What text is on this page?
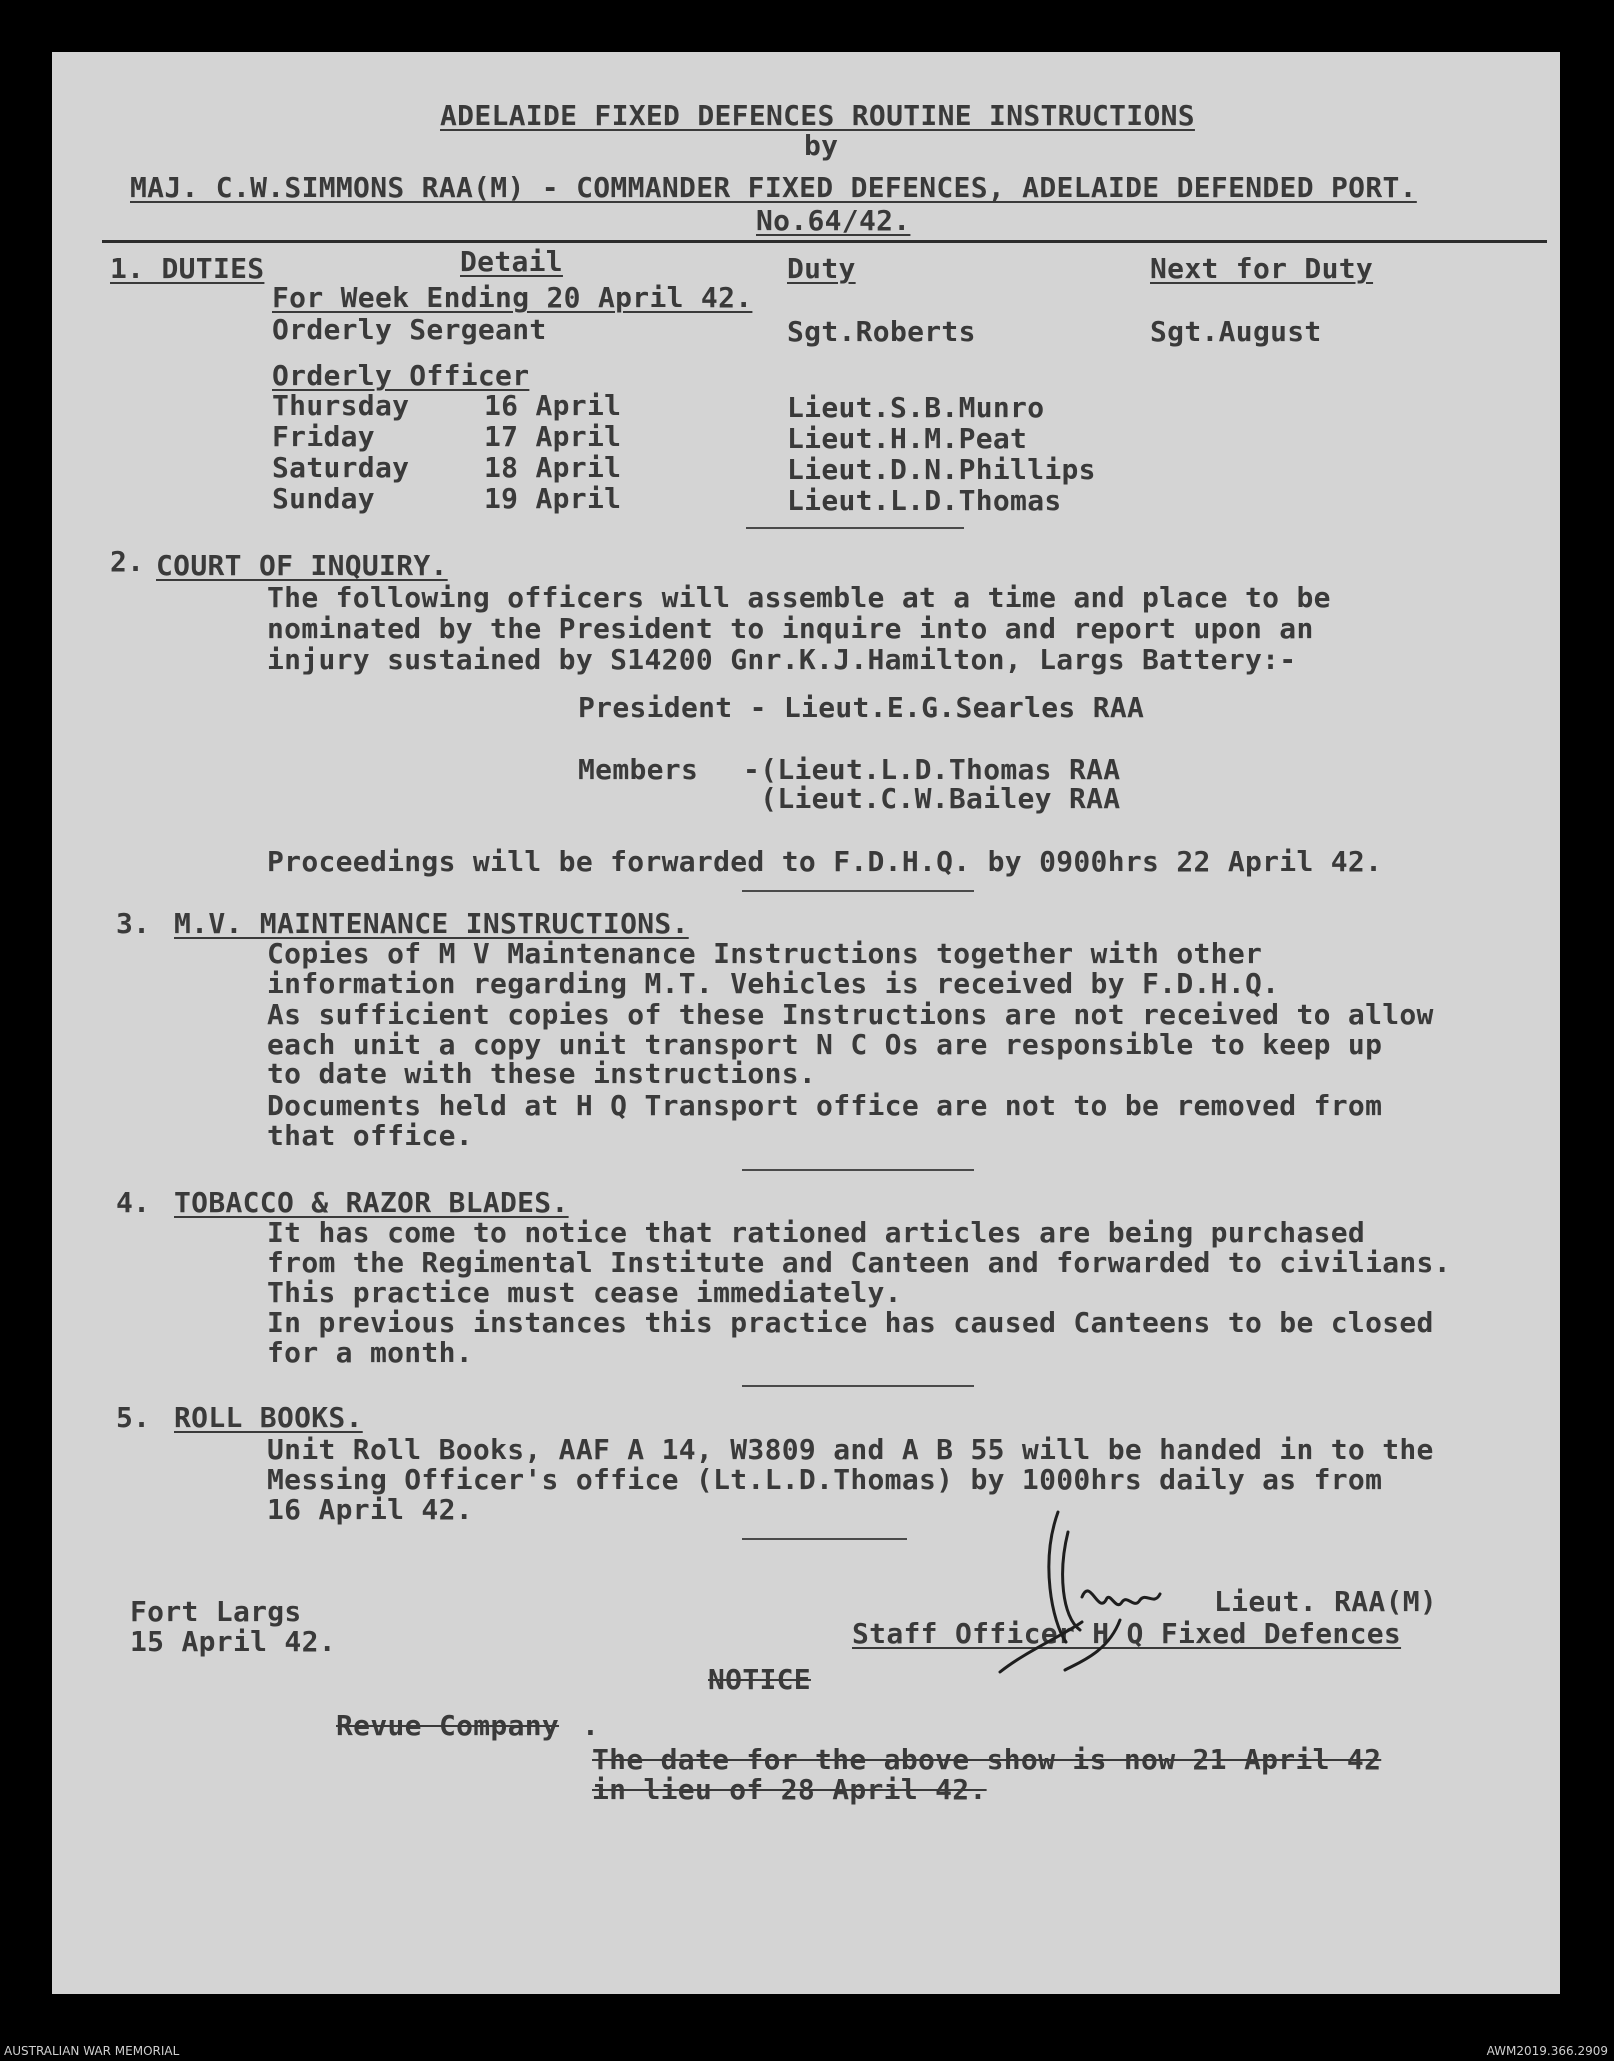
ADELAIDE FIXED DEFENCES ROUTINE INSTRUCTIONS
by
MAJ. C.W.SIMMONS RAA(M) - COMMANDER FIXED DEFENCES, ADELAIDE DEFENDED PORT.
No.64/42.
1. DUTIES	Detail	Duty	Next for Duty
For Week Ending 20 April 42.
Orderly Sergeant	Sgt.Roberts	Sgt.August
Orderly Officer
Thursday	16 April	Lieut.S.B.Munro
Friday	17 April	Lieut.H.M.Peat
Saturday	18 April	Lieut.D.N.Phillips
Sunday	19 April	Lieut.L.D.Thomas
2. COURT OF INQUIRY.
The following officers will assemble at a time and place to be
nominated by the President to inquire into and report upon an
injury sustained by S14200 Gnr.K.J.Hamilton, Largs Battery:-
President - Lieut.E.G.Searles RAA
Members -(Lieut.L.D.Thomas RAA
(Lieut.C.W.Bailey RAA
Proceedings will be forwarded to F.D.H.Q. by 0900hrs 22 April 42.
3. M.V. MAINTENANCE INSTRUCTIONS.
Copies of M V Maintenance Instructions together with other
information regarding M.T. Vehicles is received by F.D.H.Q.
As sufficient copies of these Instructions are not received to allow
each unit a copy unit transport N C Os are responsible to keep up
to date with these instructions.
Documents held at H Q Transport office are not to be removed from
that office.
4. TOBACCO & RAZOR BLADES.
It has come to notice that rationed articles are being purchased
from the Regimental Institute and Canteen and forwarded to civilians.
This practice must cease immediately.
In previous instances this practice has caused Canteens to be closed
for a month.
5. ROLL BOOKS.
Unit Roll Books, AAF A 14, W3809 and A B 55 will be handed in to the
Messing Officer's office (Lt.L.D.Thomas) by 1000hrs daily as from
16 April 42.
Fort Largs
15 April 42.
Lieut. RAA(M)
Staff Officer H Q Fixed Defences
NOTICE
Revue Company .
The date for the above show is now 21 April 42
in lieu of 28 April 42.
AUSTRALIAN WAR MEMORIAL	AWM2019.366.2909
